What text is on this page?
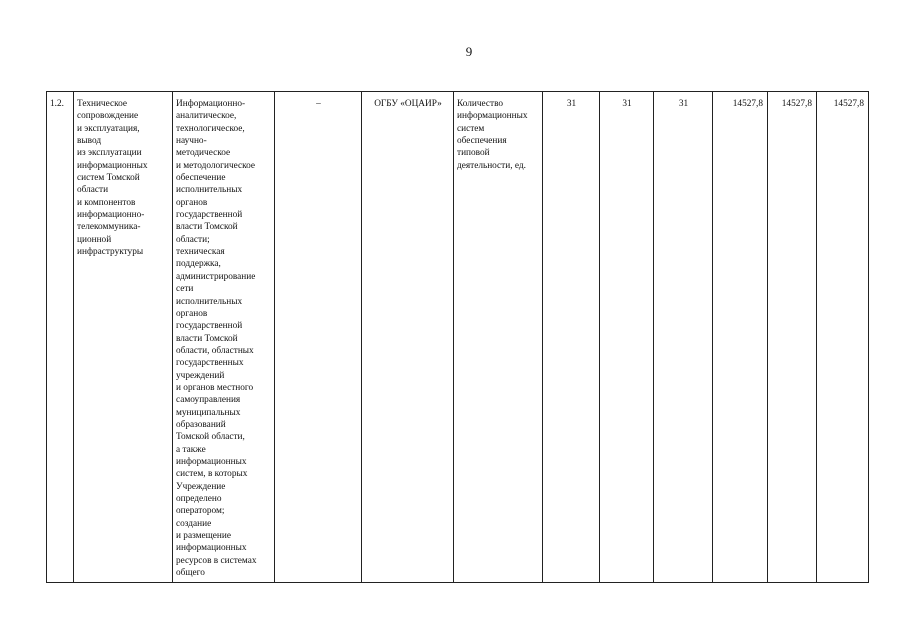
9
1.2.	Техническое
сопровождение
и эксплуатация,
вывод
из эксплуатации
информационных
систем Томской
области
и компонентов
информационно-
телекоммуника-
ционной
инфраструктуры	Информационно-
аналитическое,
технологическое,
научно-
методическое
и методологическое
обеспечение
исполнительных
органов
государственной
власти Томской
области;
техническая
поддержка,
администрирование
сети
исполнительных
органов
государственной
власти Томской
области, областных
государственных
учреждений
и органов местного
самоуправления
муниципальных
образований
Томской области,
а также
информационных
систем, в которых
Учреждение
определено
оператором;
создание
и размещение
информационных
ресурсов в системах
общего	–	ОГБУ «ОЦАИР»	Количество
информационных
систем
обеспечения
типовой
деятельности, ед.	31	31	31	14527,8	14527,8	14527,8
